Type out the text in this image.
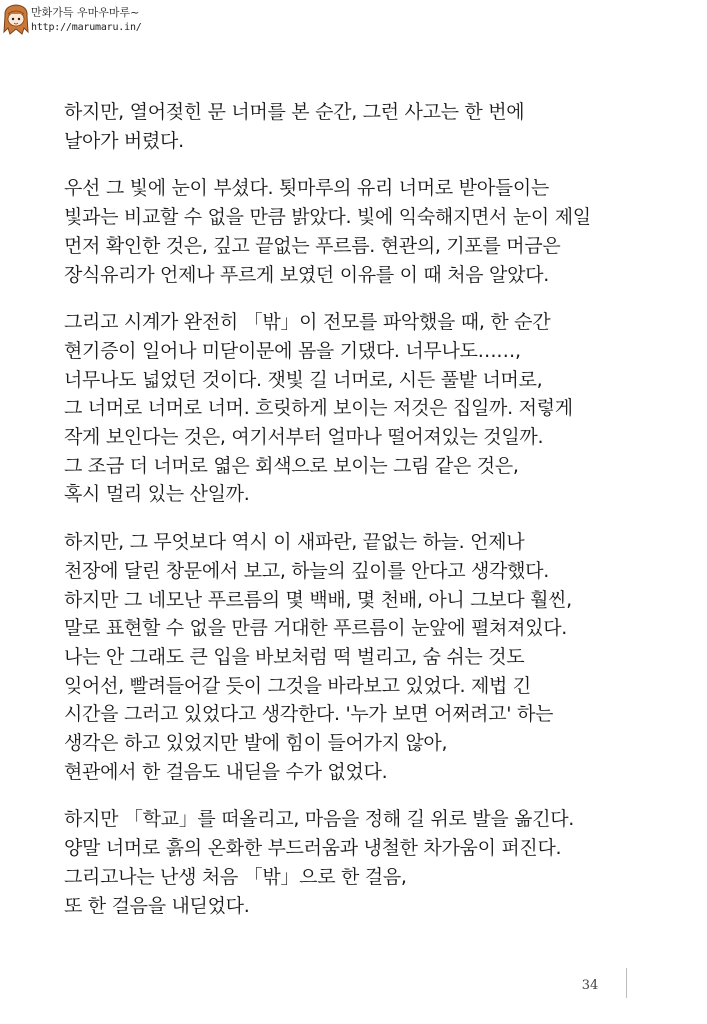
만화가득 우마우마루~
http://marumaru.in/
하지만, 열어젖힌 문 너머를 본 순간, 그런 사고는 한 번에
날아가 버렸다.
우선 그 빛에 눈이 부셨다. 툇마루의 유리 너머로 받아들이는
빛과는 비교할 수 없을 만큼 밝았다. 빛에 익숙해지면서 눈이 제일
먼저 확인한 것은, 깊고 끝없는 푸르름. 현관의, 기포를 머금은
장식유리가 언제나 푸르게 보였던 이유를 이 때 처음 알았다.
그리고 시계가 완전히 「밖」이 전모를 파악했을 때, 한 순간
현기증이 일어나 미닫이문에 몸을 기댔다. 너무나도……,
너무나도 넓었던 것이다. 잿빛 길 너머로, 시든 풀밭 너머로,
그 너머로 너머로 너머. 흐릿하게 보이는 저것은 집일까. 저렇게
작게 보인다는 것은, 여기서부터 얼마나 떨어져있는 것일까.
그 조금 더 너머로 엷은 회색으로 보이는 그림 같은 것은,
혹시 멀리 있는 산일까.
하지만, 그 무엇보다 역시 이 새파란, 끝없는 하늘. 언제나
천장에 달린 창문에서 보고, 하늘의 깊이를 안다고 생각했다.
하지만 그 네모난 푸르름의 몇 백배, 몇 천배, 아니 그보다 훨씬,
말로 표현할 수 없을 만큼 거대한 푸르름이 눈앞에 펼쳐져있다.
나는 안 그래도 큰 입을 바보처럼 떡 벌리고, 숨 쉬는 것도
잊어선, 빨려들어갈 듯이 그것을 바라보고 있었다. 제법 긴
시간을 그러고 있었다고 생각한다. '누가 보면 어쩌려고' 하는
생각은 하고 있었지만 발에 힘이 들어가지 않아,
현관에서 한 걸음도 내딛을 수가 없었다.
하지만 「학교」를 떠올리고, 마음을 정해 길 위로 발을 옮긴다.
양말 너머로 흙의 온화한 부드러움과 냉철한 차가움이 퍼진다.
그리고나는 난생 처음 「밖」으로 한 걸음,
또 한 걸음을 내딛었다.
34
